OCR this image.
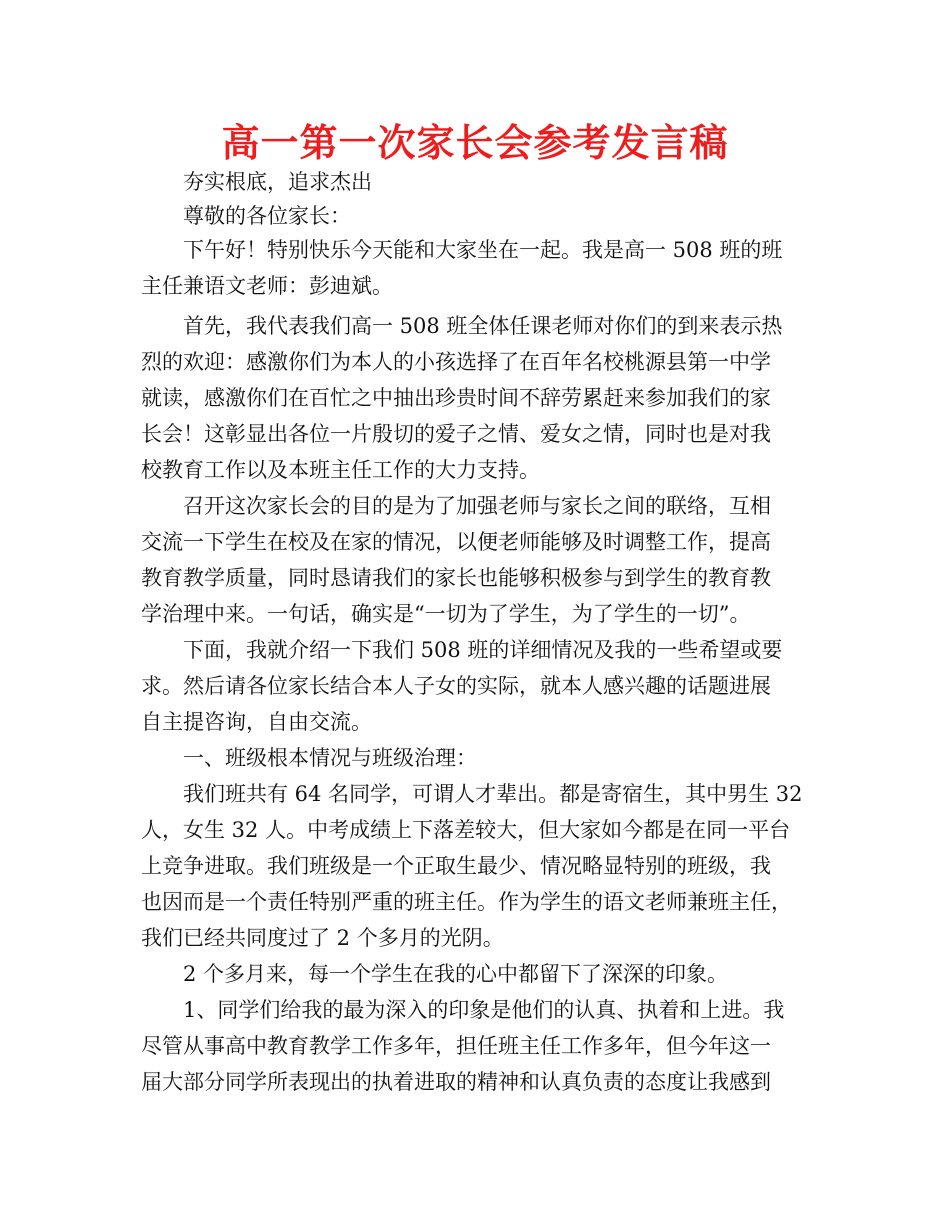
高一第一次家长会参考发言稿
夯实根底，追求杰出
尊敬的各位家长：
下午好！特别快乐今天能和大家坐在一起。我是高一 508 班的班
主任兼语文老师：彭迪斌。
首先，我代表我们高一 508 班全体任课老师对你们的到来表示热
烈的欢迎：感激你们为本人的小孩选择了在百年名校桃源县第一中学
就读，感激你们在百忙之中抽出珍贵时间不辞劳累赶来参加我们的家
长会！这彰显出各位一片殷切的爱子之情、爱女之情，同时也是对我
校教育工作以及本班主任工作的大力支持。
召开这次家长会的目的是为了加强老师与家长之间的联络，互相
交流一下学生在校及在家的情况，以便老师能够及时调整工作，提高
教育教学质量，同时恳请我们的家长也能够积极参与到学生的教育教
学治理中来。一句话，确实是“一切为了学生，为了学生的一切”。
下面，我就介绍一下我们 508 班的详细情况及我的一些希望或要
求。然后请各位家长结合本人子女的实际，就本人感兴趣的话题进展
自主提咨询，自由交流。
一、班级根本情况与班级治理：
我们班共有 64 名同学，可谓人才辈出。都是寄宿生，其中男生 32
人，女生 32 人。中考成绩上下落差较大，但大家如今都是在同一平台
上竞争进取。我们班级是一个正取生最少、情况略显特别的班级，我
也因而是一个责任特别严重的班主任。作为学生的语文老师兼班主任，
我们已经共同度过了 2 个多月的光阴。
2 个多月来，每一个学生在我的心中都留下了深深的印象。
1、同学们给我的最为深入的印象是他们的认真、执着和上进。我
尽管从事高中教育教学工作多年，担任班主任工作多年，但今年这一
届大部分同学所表现出的执着进取的精神和认真负责的态度让我感到
